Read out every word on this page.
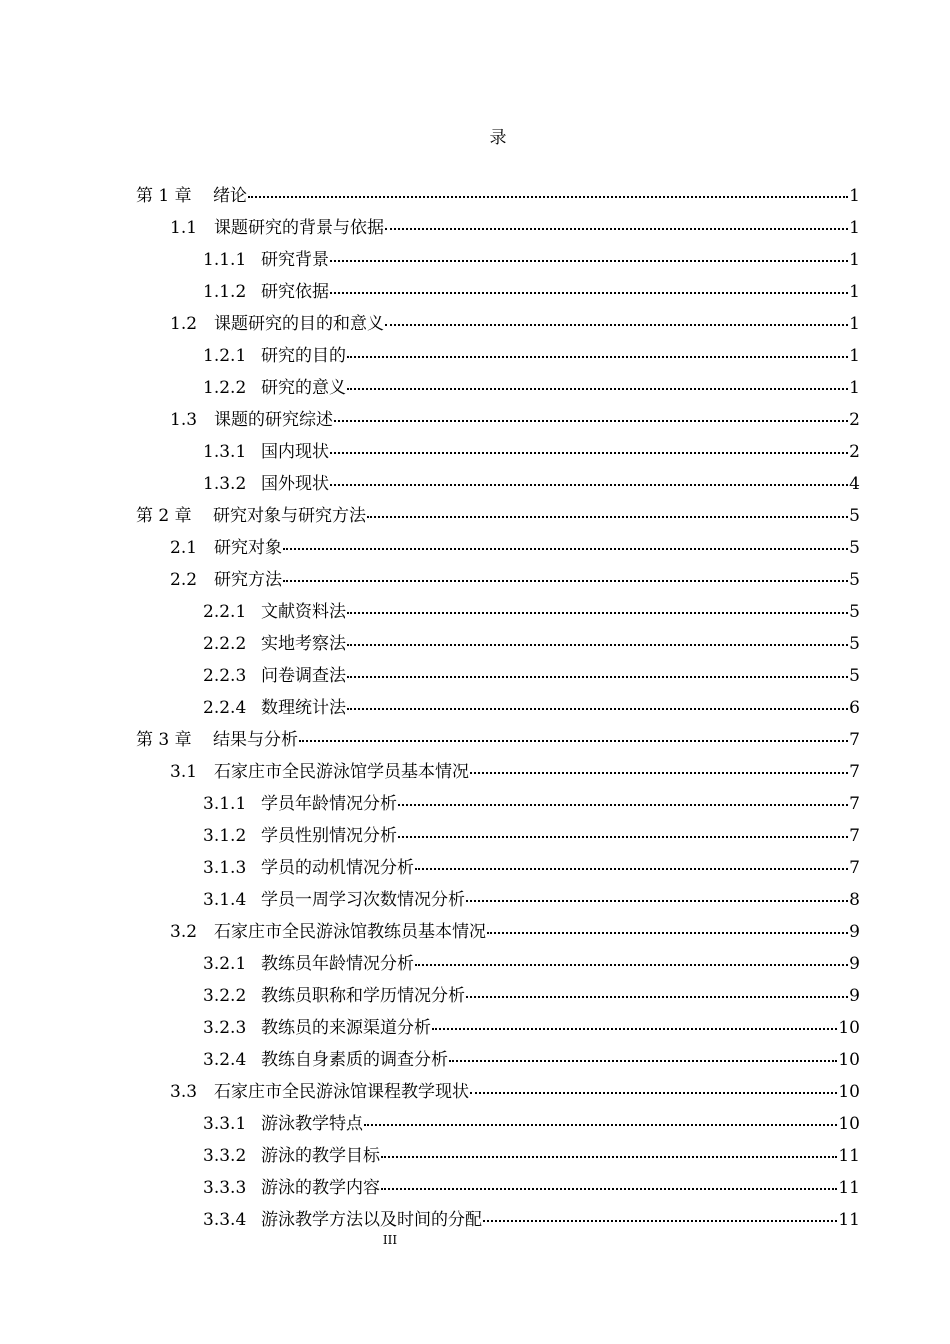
录
第 1 章	绪论	1
1.1 课题研究的背景与依据	1
1.1.1 研究背景	1
1.1.2 研究依据	1
1.2 课题研究的目的和意义	1
1.2.1 研究的目的	1
1.2.2 研究的意义	1
1.3 课题的研究综述	2
1.3.1 国内现状	2
1.3.2 国外现状	4
第 2 章	研究对象与研究方法	5
2.1 研究对象	5
2.2 研究方法	5
2.2.1 文献资料法	5
2.2.2 实地考察法	5
2.2.3 问卷调查法	5
2.2.4 数理统计法	6
第 3 章	结果与分析	7
3.1 石家庄市全民游泳馆学员基本情况	7
3.1.1 学员年龄情况分析	7
3.1.2 学员性别情况分析	7
3.1.3 学员的动机情况分析	7
3.1.4 学员一周学习次数情况分析	8
3.2 石家庄市全民游泳馆教练员基本情况	9
3.2.1 教练员年龄情况分析	9
3.2.2 教练员职称和学历情况分析	9
3.2.3 教练员的来源渠道分析	10
3.2.4 教练自身素质的调查分析	10
3.3 石家庄市全民游泳馆课程教学现状	10
3.3.1 游泳教学特点	10
3.3.2 游泳的教学目标	11
3.3.3 游泳的教学内容	11
3.3.4 游泳教学方法以及时间的分配	11
III
